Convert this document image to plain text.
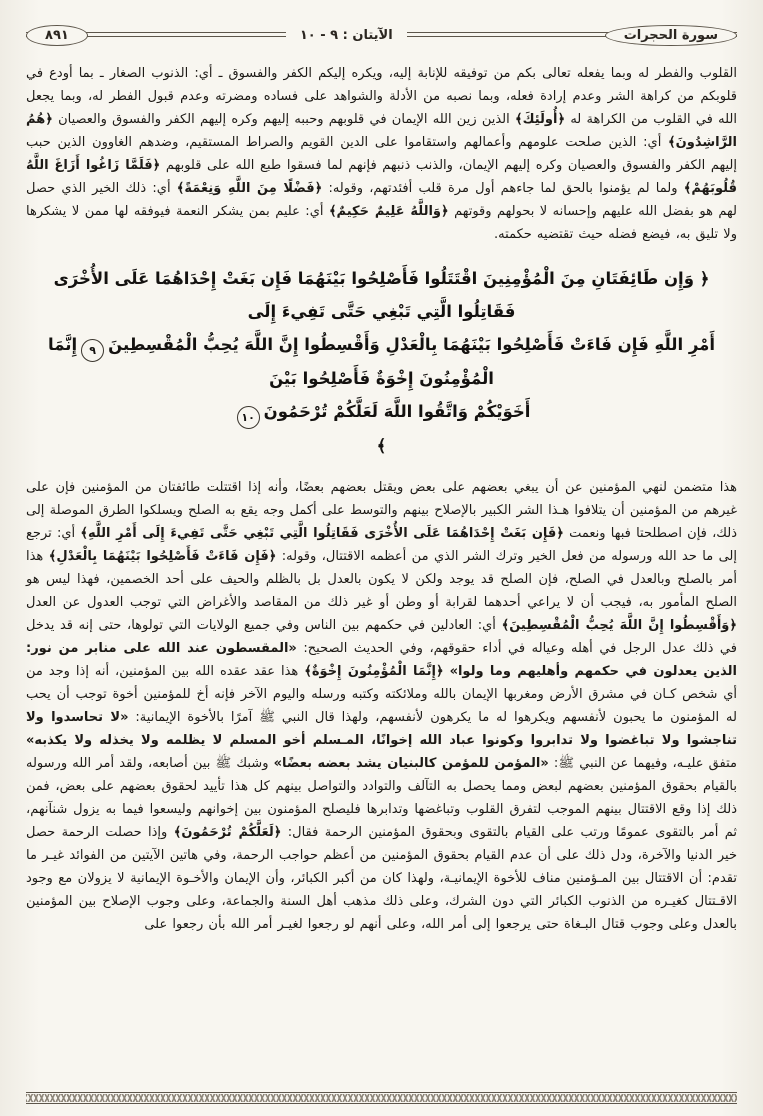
سورة الحجرات
الآيتان : ٩ - ١٠
٨٩١

القلوب والفطر له وبما يفعله تعالى بكم من توفيقه للإنابة إليه، ويكره إليكم الكفر والفسوق ـ أي: الذنوب الصغار ـ بما أودع في قلوبكم من كراهة الشر وعدم إرادة فعله، وبما نصبه من الأدلة والشواهد على فساده ومضرته وعدم قبول الفطر له، وبما يجعل الله في القلوب من الكراهة له ﴿أُولَئِكَ﴾ الذين زين الله الإيمان في قلوبهم وحببه إليهم وكره إليهم الكفر والفسوق والعصيان ﴿هُمُ الرَّاشِدُونَ﴾ أي: الذين صلحت علومهم وأعمالهم واستقاموا على الدين القويم والصراط المستقيم، وضدهم الغاوون الذين حبب إليهم الكفر والفسوق والعصيان وكره إليهم الإيمان، والذنب ذنبهم فإنهم لما فسقوا طبع الله على قلوبهم ﴿فَلَمَّا زَاغُوا أَزَاغَ اللَّهُ قُلُوبَهُمْ﴾ ولما لم يؤمنوا بالحق لما جاءهم أول مرة قلب أفئدتهم، وقوله: ﴿فَضْلًا مِنَ اللَّهِ وَنِعْمَةً﴾ أي: ذلك الخير الذي حصل لهم هو بفضل الله عليهم وإحسانه لا بحولهم وقوتهم ﴿وَاللَّهُ عَلِيمٌ حَكِيمٌ﴾ أي: عليم بمن يشكر النعمة فيوفقه لها ممن لا يشكرها ولا تليق به، فيضع فضله حيث تقتضيه حكمته.

﴿ وَإِن طَائِفَتَانِ مِنَ الْمُؤْمِنِينَ اقْتَتَلُوا فَأَصْلِحُوا بَيْنَهُمَا فَإِن بَغَتْ إِحْدَاهُمَا عَلَى الأُخْرَى فَقَاتِلُوا الَّتِي تَبْغِي حَتَّى تَفِيءَ إِلَى
أَمْرِ اللَّهِ فَإِن فَاءَتْ فَأَصْلِحُوا بَيْنَهُمَا بِالْعَدْلِ وَأَقْسِطُوا إِنَّ اللَّهَ يُحِبُّ الْمُقْسِطِينَ٩إِنَّمَا الْمُؤْمِنُونَ إِخْوَةٌ فَأَصْلِحُوا بَيْنَ
أَخَوَيْكُمْ وَاتَّقُوا اللَّهَ لَعَلَّكُمْ تُرْحَمُونَ١٠
﴾

هذا متضمن لنهي المؤمنين عن أن يبغي بعضهم على بعض ويقتل بعضهم بعضًا، وأنه إذا اقتتلت طائفتان من المؤمنين فإن على غيرهم من المؤمنين أن يتلافوا هـذا الشر الكبير بالإصلاح بينهم والتوسط على أكمل وجه يقع به الصلح ويسلكوا الطرق الموصلة إلى ذلك، فإن اصطلحتا فبها ونعمت ﴿فَإِن بَغَتْ إِحْدَاهُمَا عَلَى الأُخْرَى فَقَاتِلُوا الَّتِي تَبْغِي حَتَّى تَفِيءَ إِلَى أَمْرِ اللَّهِ﴾ أي: ترجع إلى ما حد الله ورسوله من فعل الخير وترك الشر الذي من أعظمه الاقتتال، وقوله: ﴿فَإِن فَاءَتْ فَأَصْلِحُوا بَيْنَهُمَا بِالْعَدْلِ﴾ هذا أمر بالصلح وبالعدل في الصلح، فإن الصلح قد يوجد ولكن لا يكون بالعدل بل بالظلم والحيف على أحد الخصمين، فهذا ليس هو الصلح المأمور به، فيجب أن لا يراعي أحدهما لقرابة أو وطن أو غير ذلك من المقاصد والأغراض التي توجب العدول عن العدل ﴿وَأَقْسِطُوا إِنَّ اللَّهَ يُحِبُّ الْمُقْسِطِينَ﴾ أي: العادلين في حكمهم بين الناس وفي جميع الولايات التي تولوها، حتى إنه قد يدخل في ذلك عدل الرجل في أهله وعياله في أداء حقوقهم، وفي الحديث الصحيح: «المقسطون عند الله على منابر من نور: الذين يعدلون في حكمهم وأهليهم وما ولوا» ﴿إِنَّمَا الْمُؤْمِنُونَ إِخْوَةٌ﴾ هذا عقد عقده الله بين المؤمنين، أنه إذا وجد من أي شخص كـان في مشرق الأرض ومغربها الإيمان بالله وملائكته وكتبه ورسله واليوم الآخر فإنه أخ للمؤمنين أخوة توجب أن يحب له المؤمنون ما يحبون لأنفسهم ويكرهوا له ما يكرهون لأنفسهم، ولهذا قال النبي ﷺ آمرًا بالأخوة الإيمانية: «لا تحاسدوا ولا تناجشوا ولا تباغضوا ولا تدابروا وكونوا عباد الله إخوانًا، المـسلم أخو المسلم لا يظلمه ولا يخذله ولا يكذبه» متفق عليـه، وفيهما عن النبي ﷺ: «المؤمن للمؤمن كالبنيان يشد بعضه بعضًا» وشبك ﷺ بين أصابعه، ولقد أمر الله ورسوله بالقيام بحقوق المؤمنين بعضهم لبعض ومما يحصل به التآلف والتوادد والتواصل بينهم كل هذا تأييد لحقوق بعضهم على بعض، فمن ذلك إذا وقع الاقتتال بينهم الموجب لتفرق القلوب وتباغضها وتدابرها فليصلح المؤمنون بين إخوانهم وليسعوا فيما به يزول شنآنهم، ثم أمر بالتقوى عمومًا ورتب على القيام بالتقوى وبحقوق المؤمنين الرحمة فقال: ﴿لَعَلَّكُمْ تُرْحَمُونَ﴾ وإذا حصلت الرحمة حصل خير الدنيا والآخرة، ودل ذلك على أن عدم القيام بحقوق المؤمنين من أعظم حواجب الرحمة، وفي هاتين الآيتين من الفوائد غيـر ما تقدم: أن الاقتتال بين المـؤمنين مناف للأخوة الإيمانيـة، ولهذا كان من أكبر الكبائر، وأن الإيمان والأخـوة الإيمانية لا يزولان مع وجود الاقـتتال كغيـره من الذنوب الكبائر التي دون الشرك، وعلى ذلك مذهب أهل السنة والجماعة، وعلى وجوب الإصلاح بين المؤمنين بالعدل وعلى وجوب قتال البـغاة حتى يرجعوا إلى أمر الله، وعلى أنهم لو رجعوا لغيـر أمر الله بأن رجعوا على
